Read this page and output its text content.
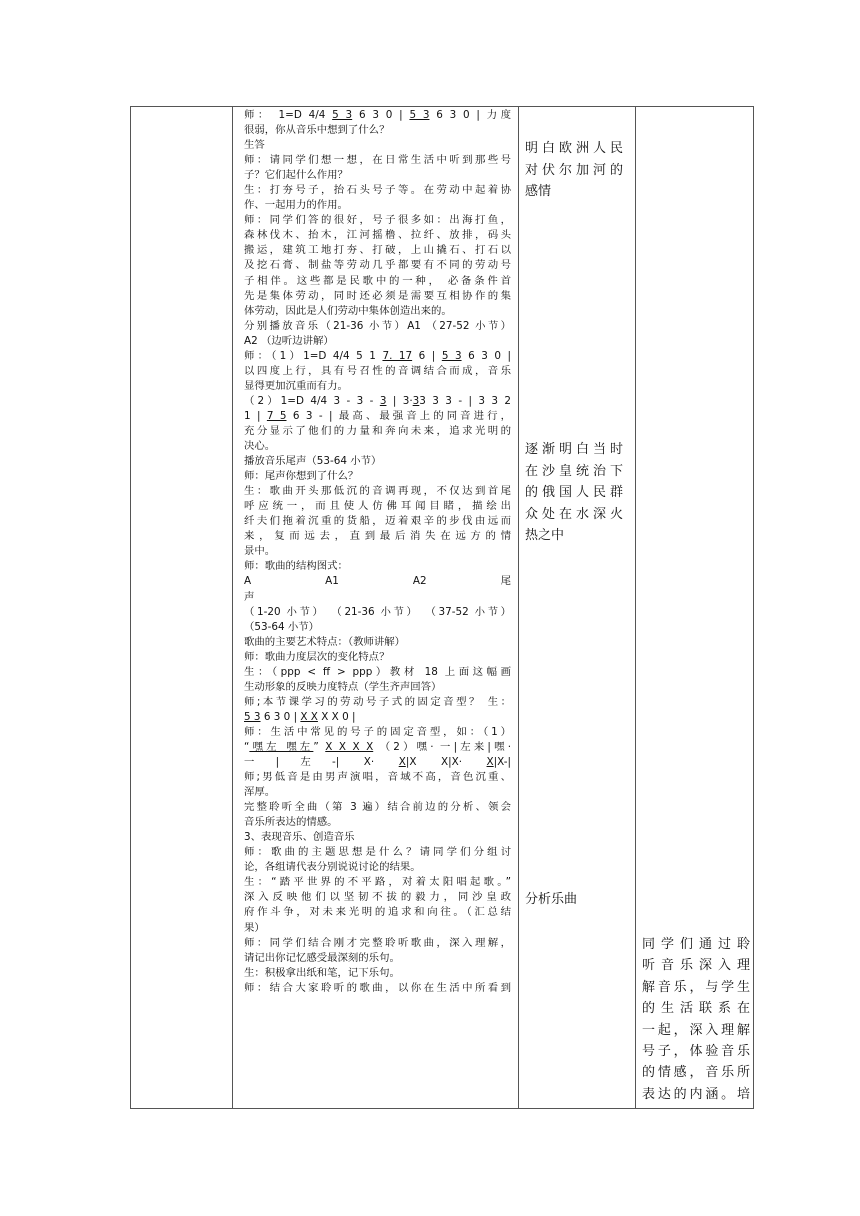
师： 1=D 4/4 5 3 6 3 0 | 5 3 6 3 0 | 力度
很弱，你从音乐中想到了什么？
生答
师：请同学们想一想，在日常生活中听到那些号
子？它们起什么作用？
生：打夯号子，抬石头号子等。在劳动中起着协
作、一起用力的作用。
师：同学们答的很好，号子很多如：出海打鱼，
森林伐木、抬木，江河摇橹、拉纤、放排，码头
搬运，建筑工地打夯、打破，上山撬石、打石以
及挖石膏、制盐等劳动几乎都要有不同的劳动号
子相伴。这些都是民歌中的一种， 必备条件首
先是集体劳动，同时还必须是需要互相协作的集
体劳动，因此是人们劳动中集体创造出来的。
分别播放音乐（21-36 小节）A1 （27-52 小节）
A2 （边听边讲解）
师：（1）1=D 4/4 5 1 7. 17 6 | 5 3 6 3 0 |
以四度上行，具有号召性的音调结合而成，音乐
显得更加沉重而有力。
（2）1=D 4/4 3 - 3 - 3 | 3·33 3 3 - | 3 3 2
1 | 7 5 6 3 - | 最高、最强音上的同音进行，
充分显示了他们的力量和奔向未来，追求光明的
决心。
播放音乐尾声（53-64 小节）
师：尾声你想到了什么？
生：歌曲开头那低沉的音调再现，不仅达到首尾
呼应统一，而且使人仿佛耳闻目睹，描绘出
纤夫们拖着沉重的货船，迈着艰辛的步伐由远而
来，复而远去，直到最后消失在远方的情
景中。
师：歌曲的结构图式：
A A1 A2 尾
声
（1-20 小节） （21-36 小节） （37-52 小节）
（53-64 小节）
歌曲的主要艺术特点：（教师讲解）
师：歌曲力度层次的变化特点？
生：（ppp < ff > ppp）教材 18 上面这幅画
生动形象的反映力度特点（学生齐声回答）
师;本节课学习的劳动号子式的固定音型？ 生：
5 3 6 3 0 | X X X X 0 |
师：生活中常见的号子的固定音型，如：（1）
“嘿左 嘿左” X X X X （2）嘿· 一|左来|嘿·
一|左-| X· X|X X|X· X|X-|
师;男低音是由男声演唱，音域不高，音色沉重、
浑厚。
完整聆听全曲（第 3 遍）结合前边的分析、领会
音乐所表达的情感。
3、表现音乐、创造音乐
师：歌曲的主题思想是什么？请同学们分组讨
论，各组请代表分别说说讨论的结果。
生：“踏平世界的不平路，对着太阳唱起歌。”
深入反映他们以坚韧不拔的毅力，同沙皇政
府作斗争，对未来光明的追求和向往。（汇总结
果）
师：同学们结合刚才完整聆听歌曲，深入理解，
请记出你记忆感受最深刻的乐句。
生：积极拿出纸和笔，记下乐句。
师：结合大家聆听的歌曲，以你在生活中所看到
明白欧洲人民
对伏尔加河的
感情
逐渐明白当时
在沙皇统治下
的俄国人民群
众处在水深火
热之中
分析乐曲
同学们通过聆
听音乐深入理
解音乐，与学生
的生活联系在
一起，深入理解
号子，体验音乐
的情感，音乐所
表达的内涵。培
